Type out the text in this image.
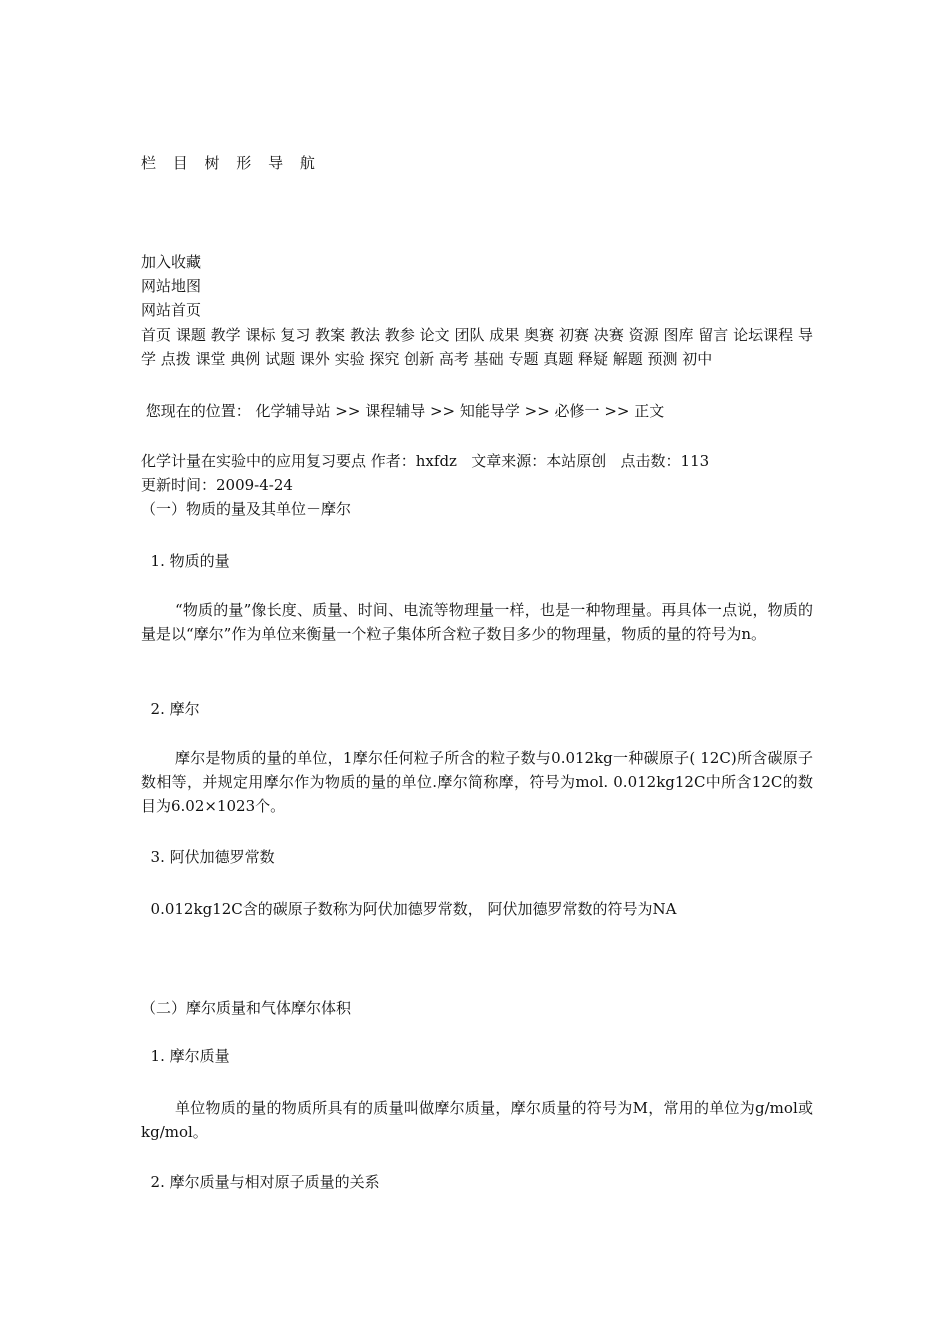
栏 目 树 形 导 航
加入收藏
网站地图
网站首页
首页 课题 教学 课标 复习 教案 教法 教参 论文 团队 成果 奥赛 初赛 决赛 资源 图库 留言 论坛课程 导学 点拨 课堂 典例 试题 课外 实验 探究 创新 高考 基础 专题 真题 释疑 解题 预测 初中
您现在的位置： 化学辅导站 >> 课程辅导 >> 知能导学 >> 必修一 >> 正文
化学计量在实验中的应用复习要点 作者：hxfdz   文章来源：本站原创   点击数：113
更新时间：2009-4-24
（一）物质的量及其单位－摩尔
1. 物质的量
“物质的量”像长度、质量、时间、电流等物理量一样，也是一种物理量。再具体一点说，物质的量是以“摩尔”作为单位来衡量一个粒子集体所含粒子数目多少的物理量，物质的量的符号为n。
2. 摩尔
摩尔是物质的量的单位，1摩尔任何粒子所含的粒子数与0.012kg一种碳原子( 12C)所含碳原子数相等，并规定用摩尔作为物质的量的单位.摩尔简称摩，符号为mol. 0.012kg12C中所含12C的数目为6.02×1023个。
3. 阿伏加德罗常数
0.012kg12C含的碳原子数称为阿伏加德罗常数， 阿伏加德罗常数的符号为NA
（二）摩尔质量和气体摩尔体积
1. 摩尔质量
单位物质的量的物质所具有的质量叫做摩尔质量，摩尔质量的符号为M，常用的单位为g/mol或kg/mol。
2. 摩尔质量与相对原子质量的关系
